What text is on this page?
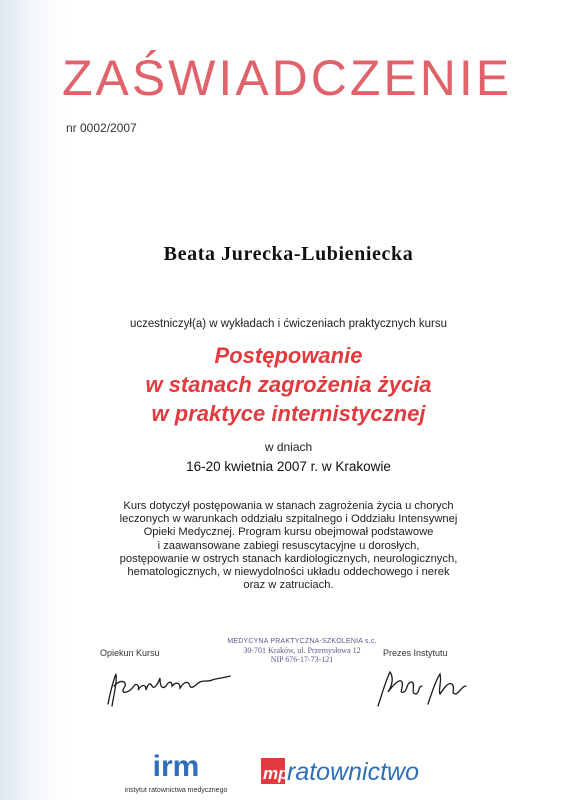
ZAŚWIADCZENIE
nr 0002/2007
Beata Jurecka-Lubieniecka
uczestniczył(a) w wykładach i ćwiczeniach praktycznych kursu
Postępowanie
w stanach zagrożenia życia
w praktyce internistycznej
w dniach
16-20 kwietnia 2007 r. w Krakowie
Kurs dotyczył postępowania w stanach zagrożenia życia u chorych
leczonych w warunkach oddziału szpitalnego i Oddziału Intensywnej
Opieki Medycznej. Program kursu obejmował podstawowe
i zaawansowane zabiegi resuscytacyjne u dorosłych,
postępowanie w ostrych stanach kardiologicznych, neurologicznych,
hematologicznych, w niewydolności układu oddechowego i nerek
oraz w zatruciach.
Opiekun Kursu	Prezes Instytutu
MEDYCYNA PRAKTYCZNA-SZKOLENIA s.c.
30-701 Kraków, ul. Przemysłowa 12
NIP 676-17-73-121
irm
instytut ratownictwa medycznego
mp
ratownictwo
